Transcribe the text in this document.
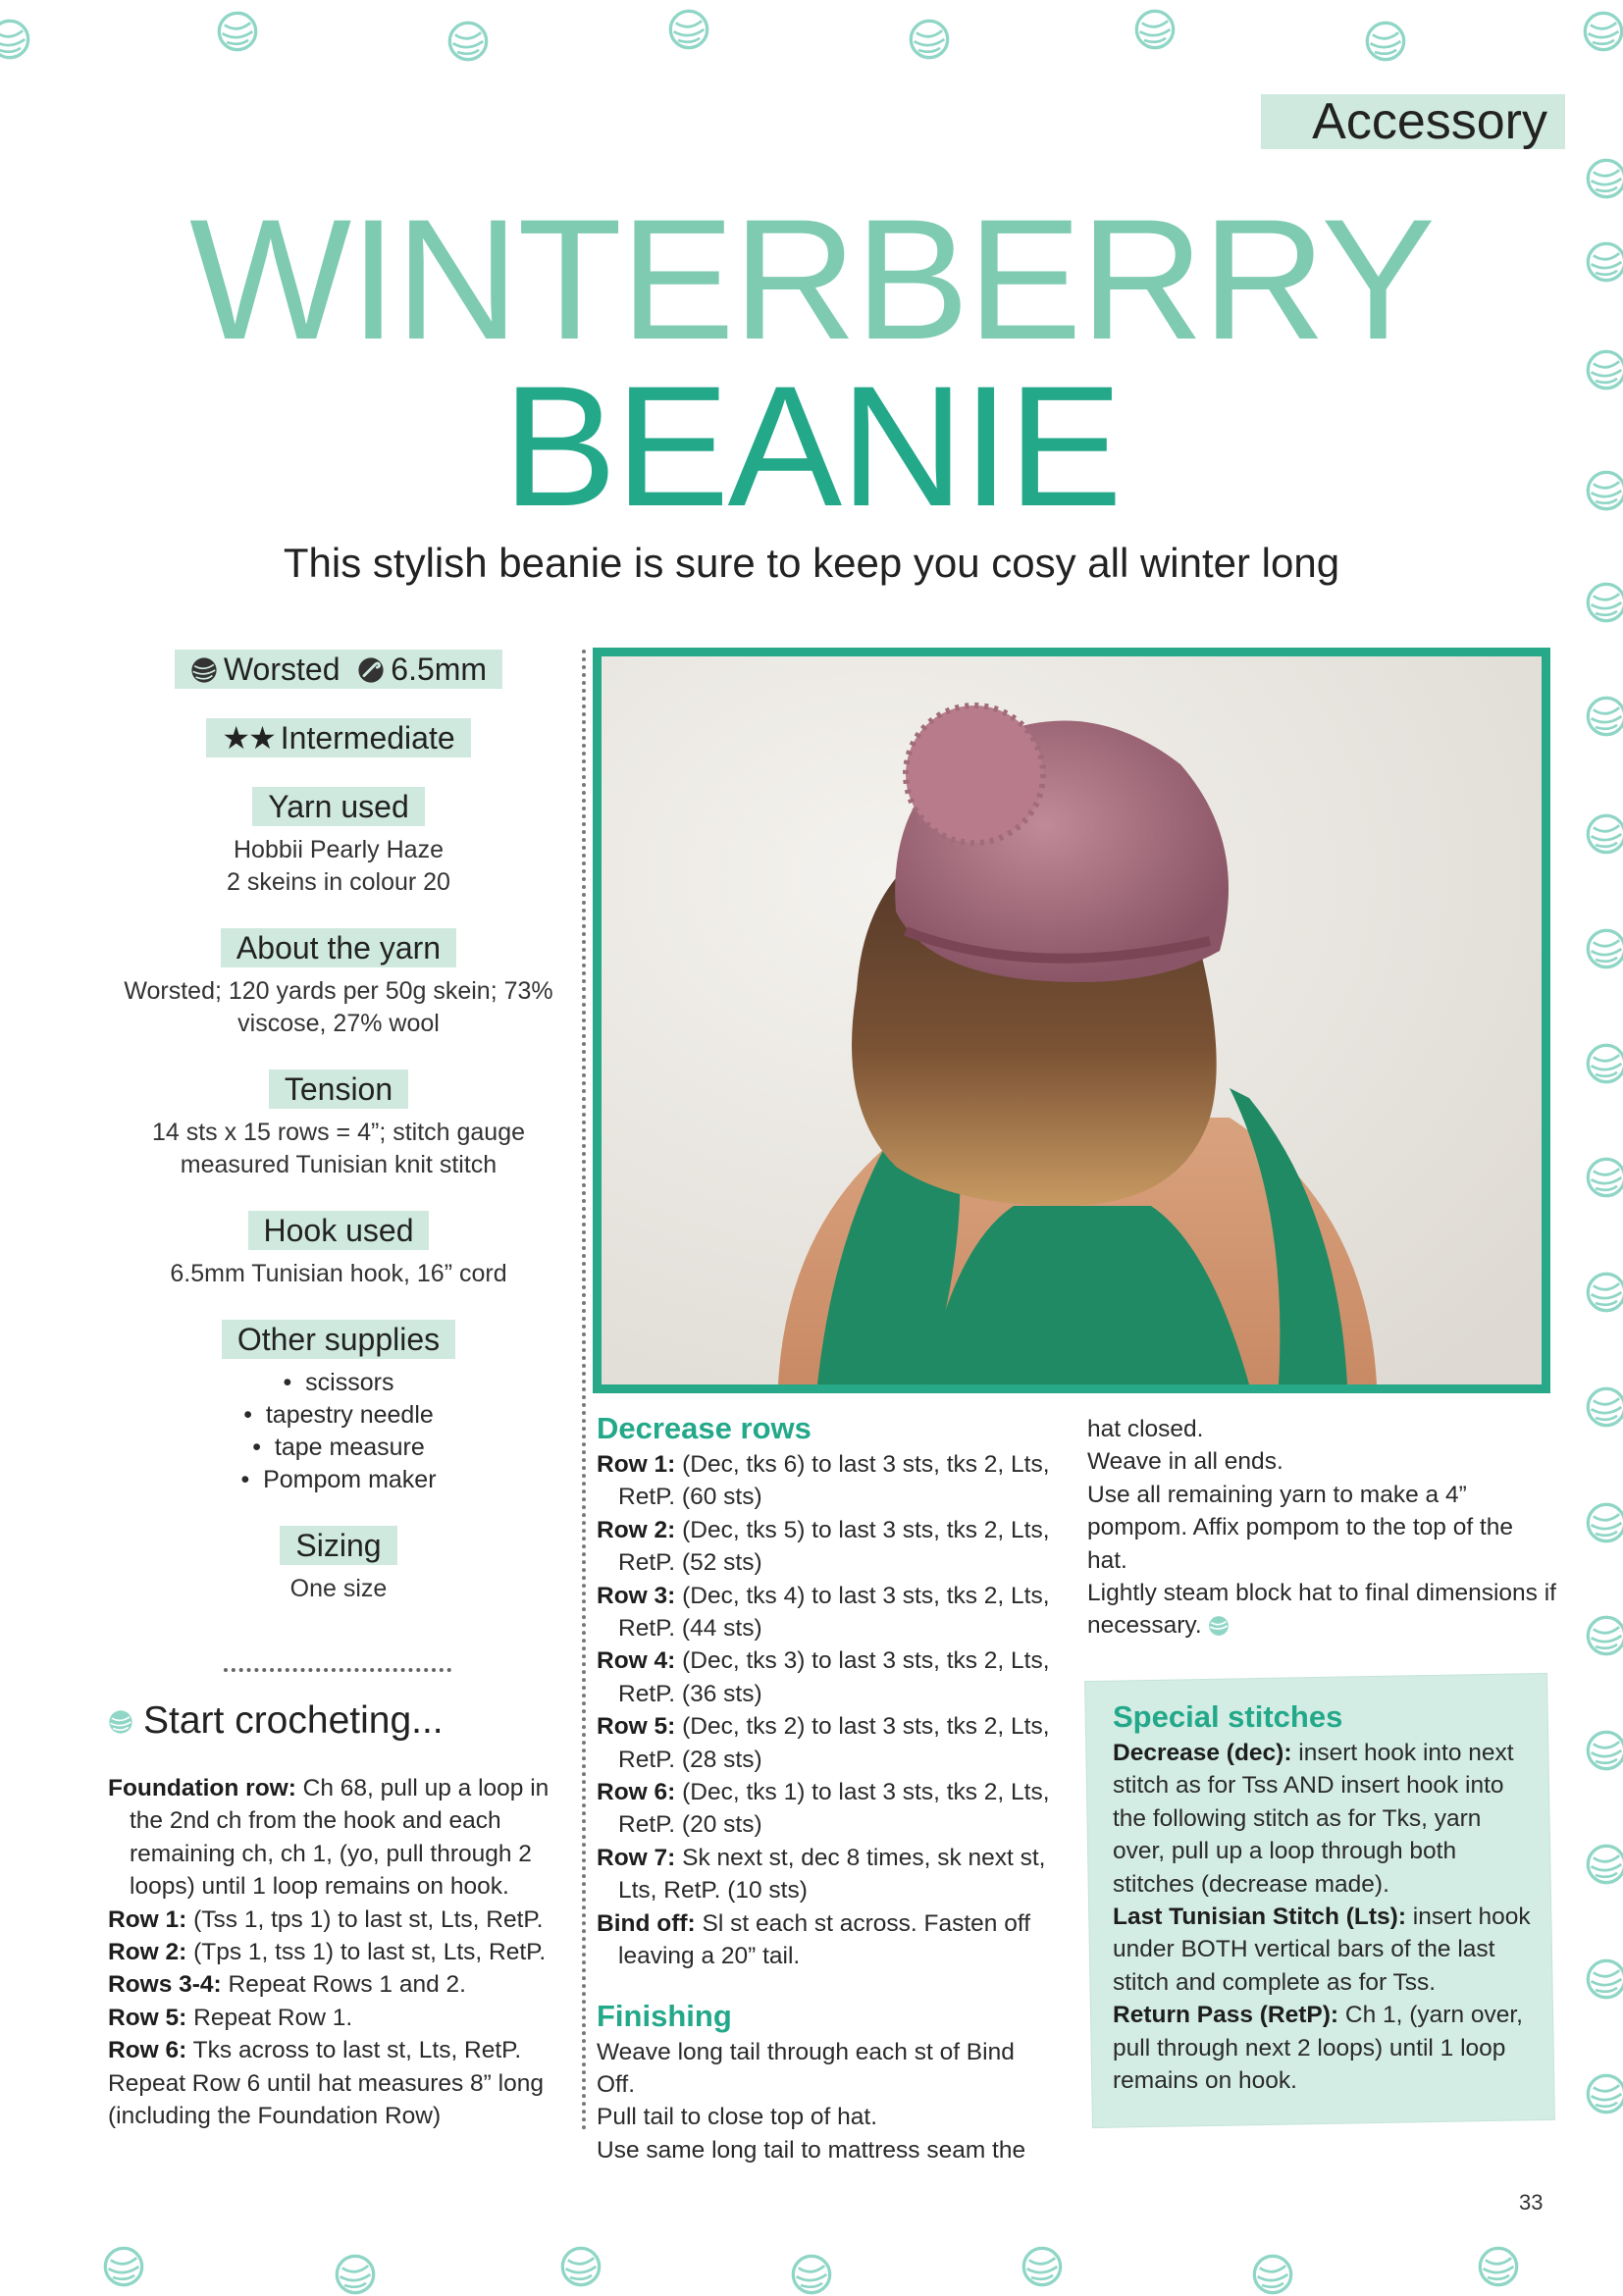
Accessory
WINTERBERRY
BEANIE
This stylish beanie is sure to keep you cosy all winter long
Worsted 6.5mm
★★ Intermediate
Yarn used
Hobbii Pearly Haze
2 skeins in colour 20
About the yarn
Worsted; 120 yards per 50g skein; 73% viscose, 27% wool
Tension
14 sts x 15 rows = 4”; stitch gauge measured Tunisian knit stitch
Hook used
6.5mm Tunisian hook, 16” cord
Other supplies
•  scissors
•  tapestry needle
•  tape measure
•  Pompom maker
Sizing
One size
Start crocheting...

Foundation row: Ch 68, pull up a loop in the 2nd ch from the hook and each remaining ch, ch 1, (yo, pull through 2 loops) until 1 loop remains on hook.

Row 1: (Tss 1, tps 1) to last st, Lts, RetP.

Row 2: (Tps 1, tss 1) to last st, Lts, RetP.

Rows 3-4: Repeat Rows 1 and 2.

Row 5: Repeat Row 1.

Row 6: Tks across to last st, Lts, RetP.

Repeat Row 6 until hat measures 8” long (including the Foundation Row)

Decrease rows

Row 1: (Dec, tks 6) to last 3 sts, tks 2, Lts, RetP. (60 sts)

Row 2: (Dec, tks 5) to last 3 sts, tks 2, Lts, RetP. (52 sts)

Row 3: (Dec, tks 4) to last 3 sts, tks 2, Lts, RetP. (44 sts)

Row 4: (Dec, tks 3) to last 3 sts, tks 2, Lts, RetP. (36 sts)

Row 5: (Dec, tks 2) to last 3 sts, tks 2, Lts, RetP. (28 sts)

Row 6: (Dec, tks 1) to last 3 sts, tks 2, Lts, RetP. (20 sts)

Row 7: Sk next st, dec 8 times, sk next st, Lts, RetP. (10 sts)

Bind off: Sl st each st across. Fasten off leaving a 20” tail.

Finishing

Weave long tail through each st of Bind Off.

Pull tail to close top of hat.

Use same long tail to mattress seam the

hat closed.

Weave in all ends.

Use all remaining yarn to make a 4” pompom. Affix pompom to the top of the hat.

Lightly steam block hat to final dimensions if necessary.

Special stitches

Decrease (dec): insert hook into next stitch as for Tss AND insert hook into the following stitch as for Tks, yarn over, pull up a loop through both stitches (decrease made).

Last Tunisian Stitch (Lts): insert hook under BOTH vertical bars of the last stitch and complete as for Tss.

Return Pass (RetP): Ch 1, (yarn over, pull through next 2 loops) until 1 loop remains on hook.

33
